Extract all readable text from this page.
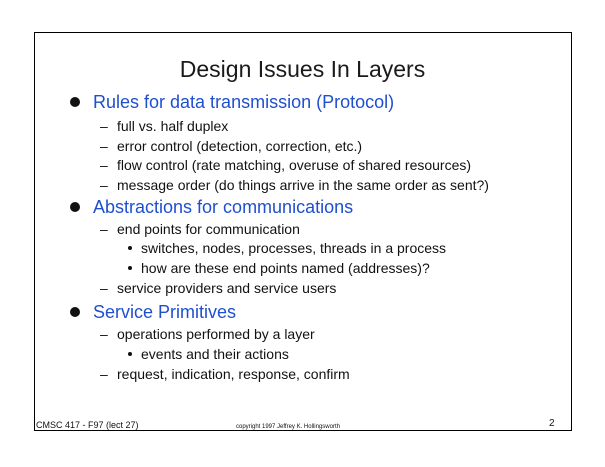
Design Issues In Layers
Rules for data transmission (Protocol)
– full vs. half duplex
– error control (detection, correction, etc.)
– flow control (rate matching, overuse of shared resources)
– message order (do things arrive in the same order as sent?)
Abstractions for communications
– end points for communication
switches, nodes, processes, threads in a process
how are these end points named (addresses)?
– service providers and service users
Service Primitives
– operations performed by a layer
events and their actions
– request, indication, response, confirm
CMSC 417 - F97 (lect 27)	copyright 1997 Jeffrey K. Hollingsworth	2
